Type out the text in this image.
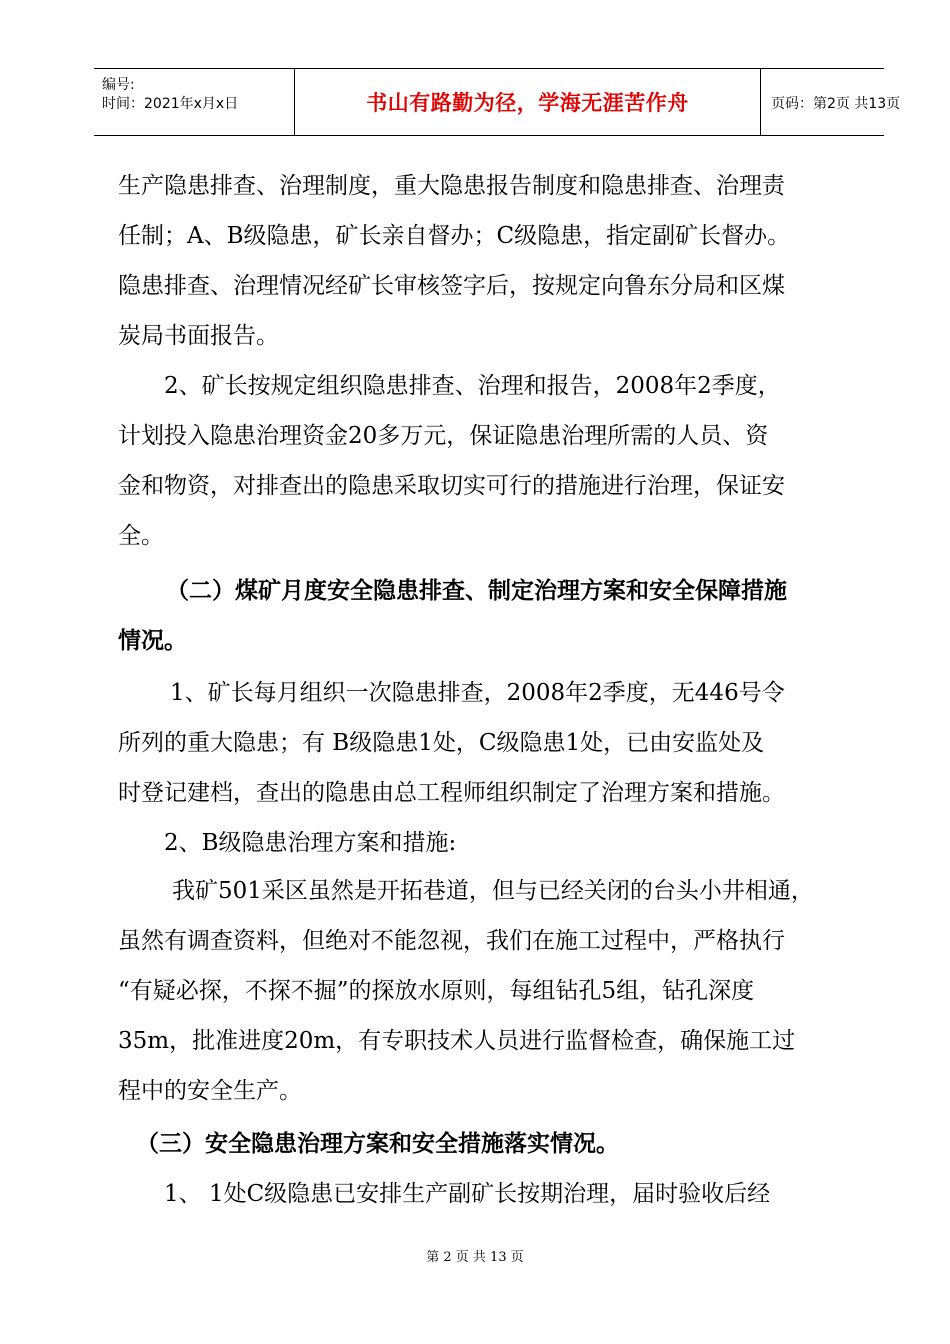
编号:
时间：2021年x月x日	书山有路勤为径，学海无涯苦作舟	页码：第2页 共13页
生产隐患排查、治理制度，重大隐患报告制度和隐患排查、治理责
任制；A、B级隐患，矿长亲自督办；C级隐患，指定副矿长督办。
隐患排查、治理情况经矿长审核签字后，按规定向鲁东分局和区煤
炭局书面报告。
2、矿长按规定组织隐患排查、治理和报告，2008年2季度，
计划投入隐患治理资金20多万元，保证隐患治理所需的人员、资
金和物资，对排查出的隐患采取切实可行的措施进行治理，保证安
全。
（二）煤矿月度安全隐患排查、制定治理方案和安全保障措施
情况。
1、矿长每月组织一次隐患排查，2008年2季度，无446号令
所列的重大隐患；有 B级隐患1处，C级隐患1处，已由安监处及
时登记建档，查出的隐患由总工程师组织制定了治理方案和措施。
2、B级隐患治理方案和措施:
我矿501采区虽然是开拓巷道，但与已经关闭的台头小井相通，
虽然有调查资料，但绝对不能忽视，我们在施工过程中，严格执行
“有疑必探，不探不掘”的探放水原则，每组钻孔5组，钻孔深度
35m，批准进度20m，有专职技术人员进行监督检查，确保施工过
程中的安全生产。
（三）安全隐患治理方案和安全措施落实情况。
1、 1处C级隐患已安排生产副矿长按期治理，届时验收后经
第 2 页 共 13 页
